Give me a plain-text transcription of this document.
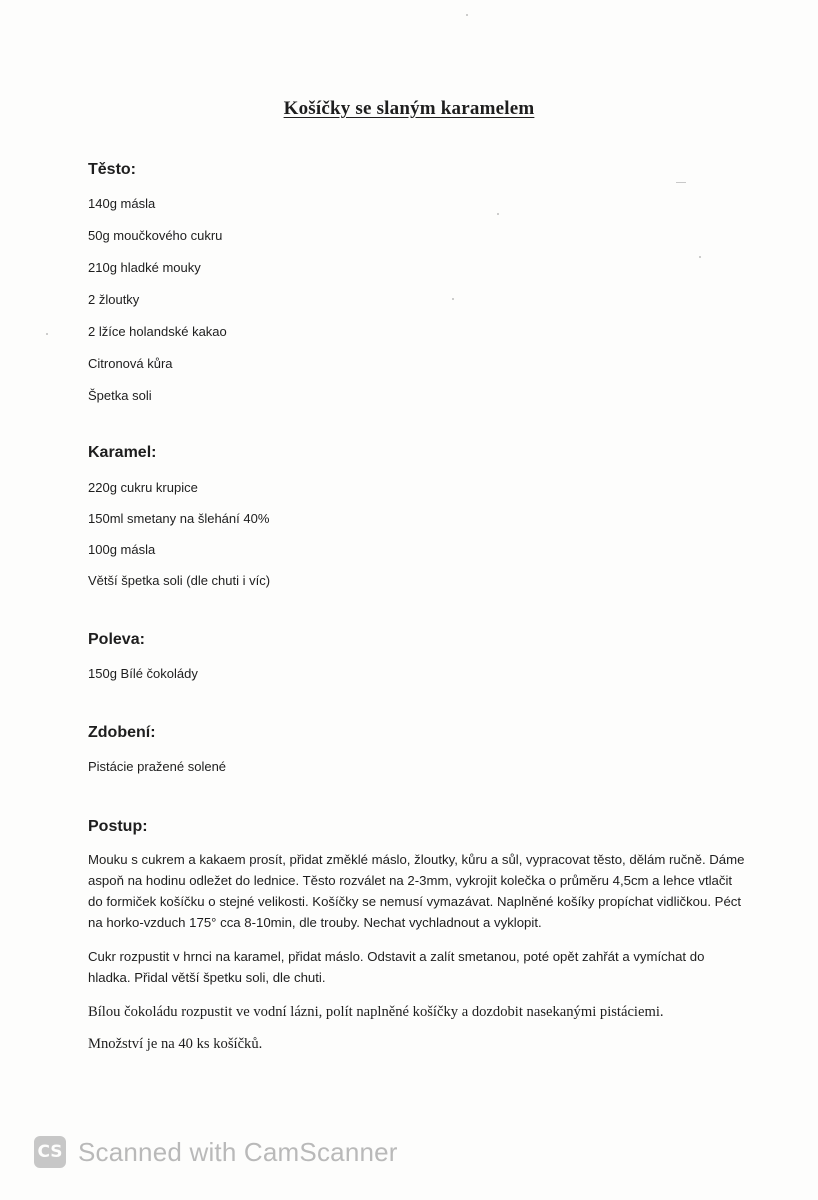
Košíčky se slaným karamelem

Těsto:

140g másla
50g moučkového cukru
210g hladké mouky
2 žloutky
2 lžíce holandské kakao
Citronová kůra
Špetka soli

Karamel:

220g cukru krupice
150ml smetany na šlehání 40%
100g másla
Větší špetka soli (dle chuti i víc)

Poleva:

150g Bílé čokolády

Zdobení:

Pistácie pražené solené

Postup:

Mouku s cukrem a kakaem prosít, přidat změklé máslo, žloutky, kůru a sůl, vypracovat těsto, dělám ručně. Dáme aspoň na hodinu odležet do lednice. Těsto rozválet na 2-3mm, vykrojit kolečka o průměru 4,5cm a lehce vtlačit do formiček košíčku o stejné velikosti. Košíčky se nemusí vymazávat. Naplněné košíky propíchat vidličkou. Péct na horko-vzduch 175° cca 8-10min, dle trouby. Nechat vychladnout a vyklopit.

Cukr rozpustit v hrnci na karamel, přidat máslo. Odstavit a zalít smetanou, poté opět zahřát a vymíchat do hladka. Přidal větší špetku soli, dle chuti.

Bílou čokoládu rozpustit ve vodní lázni, polít naplněné košíčky a dozdobit nasekanými pistáciemi.

Množství je na 40 ks košíčků.

CS Scanned with CamScanner
